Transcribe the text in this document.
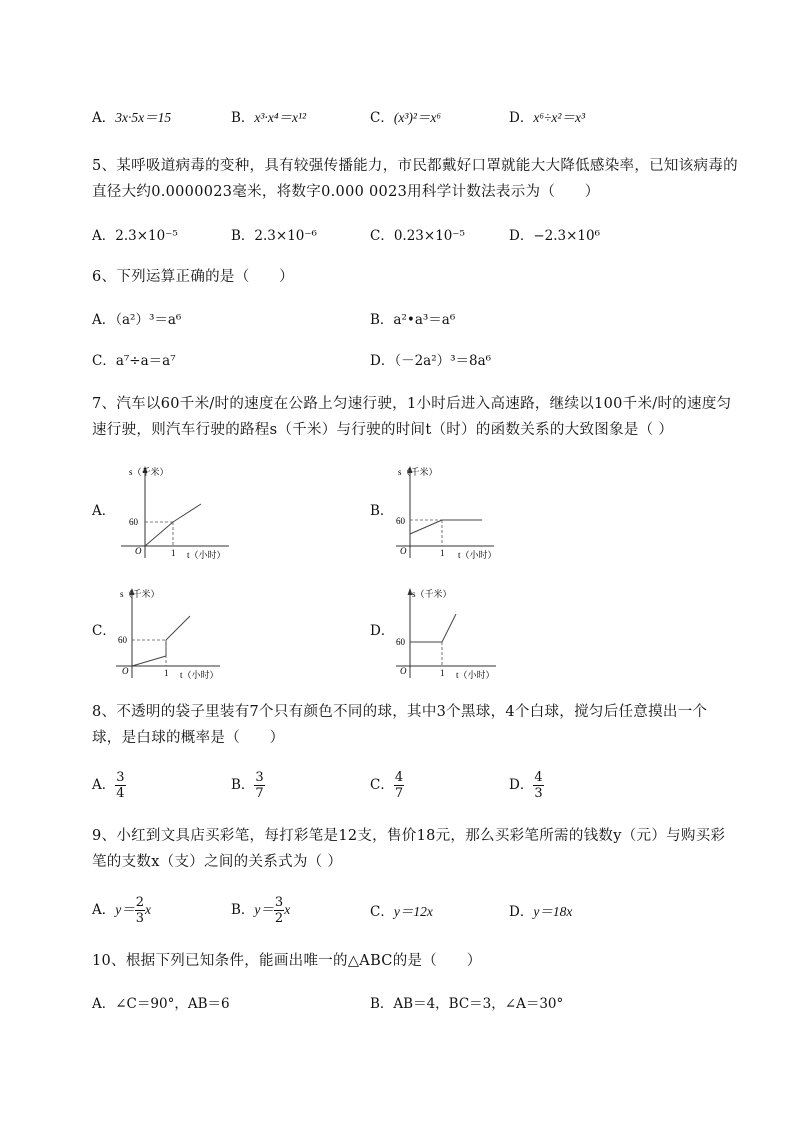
A．3x·5x＝15	B．x³·x⁴＝x¹²	C．(x³)²＝x⁶	D．x⁶÷x²＝x³
5、某呼吸道病毒的变种，具有较强传播能力，市民都戴好口罩就能大大降低感染率，已知该病毒的
直径大约0.0000023毫米，将数字0.000 0023用科学计数法表示为（　　）
A．2.3×10⁻⁵	B．2.3×10⁻⁶	C．0.23×10⁻⁵	D．−2.3×10⁶
6、下列运算正确的是（　　）
A．（a²）³＝a⁶	B．a²•a³＝a⁶
C．a⁷÷a＝a⁷	D．（－2a²）³＝8a⁶
7、汽车以60千米/时的速度在公路上匀速行驶，1小时后进入高速路，继续以100千米/时的速度匀
速行驶，则汽车行驶的路程s（千米）与行驶的时间t（时）的函数关系的大致图象是（ ）
A．	B．
C．	D．
s（千米）
60
O	1 t（小时）
s（千米）
60
O	1 t（小时）
s（千米）
60
O	1 t（小时）
s（千米）
60
O	1 t（小时）
8、不透明的袋子里装有7个只有颜色不同的球，其中3个黑球，4个白球，搅匀后任意摸出一个
球，是白球的概率是（　　）
A． $\frac{3}{4}$	B． $\frac{3}{7}$	C． $\frac{4}{7}$	D． $\frac{4}{3}$
9、小红到文具店买彩笔，每打彩笔是12支，售价18元，那么买彩笔所需的钱数y（元）与购买彩
笔的支数x（支）之间的关系式为（ ）
A．$y= \frac{2}{3}$ x	B．$y= \frac{3}{2}$ x	C．y＝12x	D．y＝18x
10、根据下列已知条件，能画出唯一的△ABC的是（　　）
A．∠C＝90°，AB＝6	B．AB＝4，BC＝3，∠A＝30°
